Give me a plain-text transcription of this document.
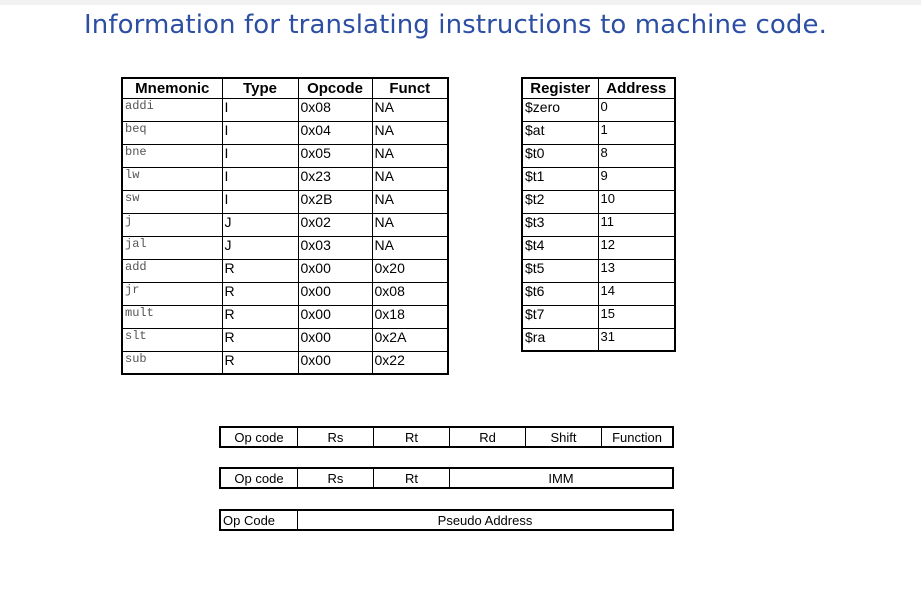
Information for translating instructions to machine code.
Mnemonic	Type	Opcode	Funct
addi	I	0x08	NA
beq	I	0x04	NA
bne	I	0x05	NA
lw	I	0x23	NA
sw	I	0x2B	NA
j	J	0x02	NA
jal	J	0x03	NA
add	R	0x00	0x20
jr	R	0x00	0x08
mult	R	0x00	0x18
slt	R	0x00	0x2A
sub	R	0x00	0x22
Register	Address
$zero	0
$at	1
$t0	8
$t1	9
$t2	10
$t3	11
$t4	12
$t5	13
$t6	14
$t7	15
$ra	31
Op code	Rs	Rt	Rd	Shift	Function
Op code	Rs	Rt	IMM
Op Code	Pseudo Address
